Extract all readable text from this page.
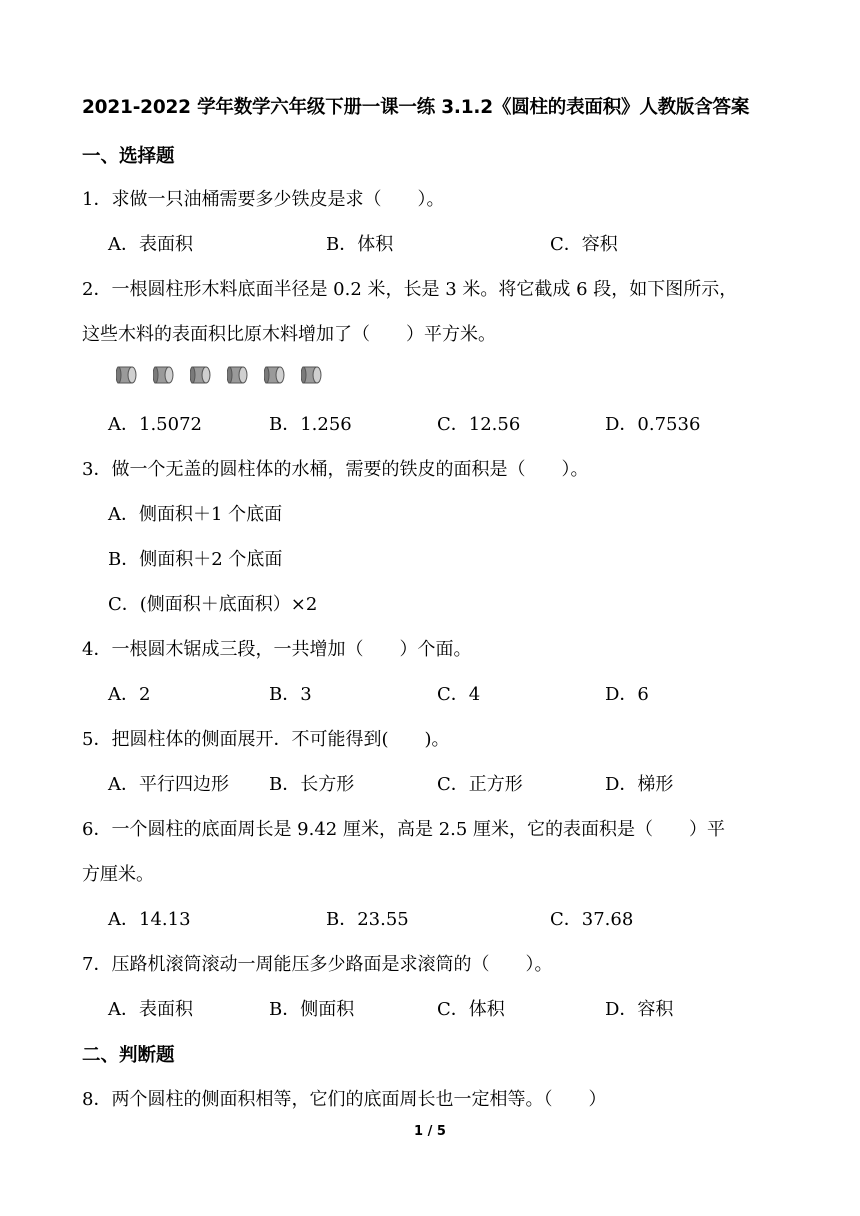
2021-2022 学年数学六年级下册一课一练 3.1.2《圆柱的表面积》人教版含答案
一、选择题
1．求做一只油桶需要多少铁皮是求（　　）。
A．表面积	B．体积	C．容积
2．一根圆柱形木料底面半径是 0.2 米，长是 3 米。将它截成 6 段，如下图所示，
这些木料的表面积比原木料增加了（　　）平方米。
A．1.5072	B．1.256	C．12.56	D．0.7536
3．做一个无盖的圆柱体的水桶，需要的铁皮的面积是（　　）。
A．侧面积＋1 个底面
B．侧面积＋2 个底面
C．(侧面积＋底面积）×2
4．一根圆木锯成三段，一共增加（　　）个面。
A．2	B．3	C．4	D．6
5．把圆柱体的侧面展开．不可能得到(　　)。
A．平行四边形 B．长方形	C．正方形	D．梯形
6．一个圆柱的底面周长是 9.42 厘米，高是 2.5 厘米，它的表面积是（　　）平
方厘米。
A．14.13	B．23.55	C．37.68
7．压路机滚筒滚动一周能压多少路面是求滚筒的（　　）。
A．表面积	B．侧面积	C．体积	D．容积
二、判断题
8．两个圆柱的侧面积相等，它们的底面周长也一定相等。（　　）
1 / 5
